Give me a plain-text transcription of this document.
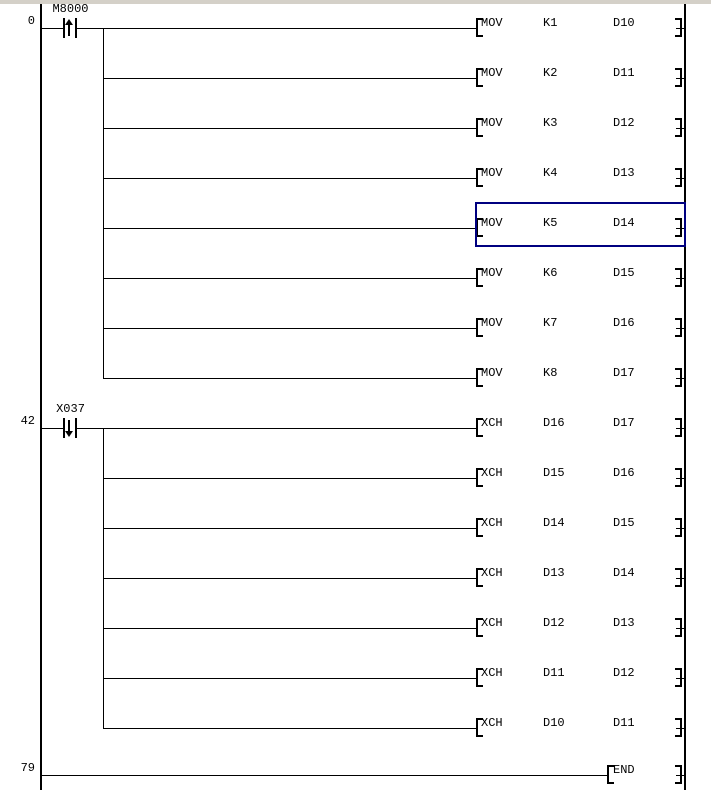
0
M8000
MOV	K1	D10
MOV	K2	D11
MOV	K3	D12
MOV	K4	D13
MOV	K5	D14
MOV	K6	D15
MOV	K7	D16
MOV	K8	D17
42
X037
XCH	D16	D17
XCH	D15	D16
XCH	D14	D15
XCH	D13	D14
XCH	D12	D13
XCH	D11	D12
XCH	D10	D11
79	END
